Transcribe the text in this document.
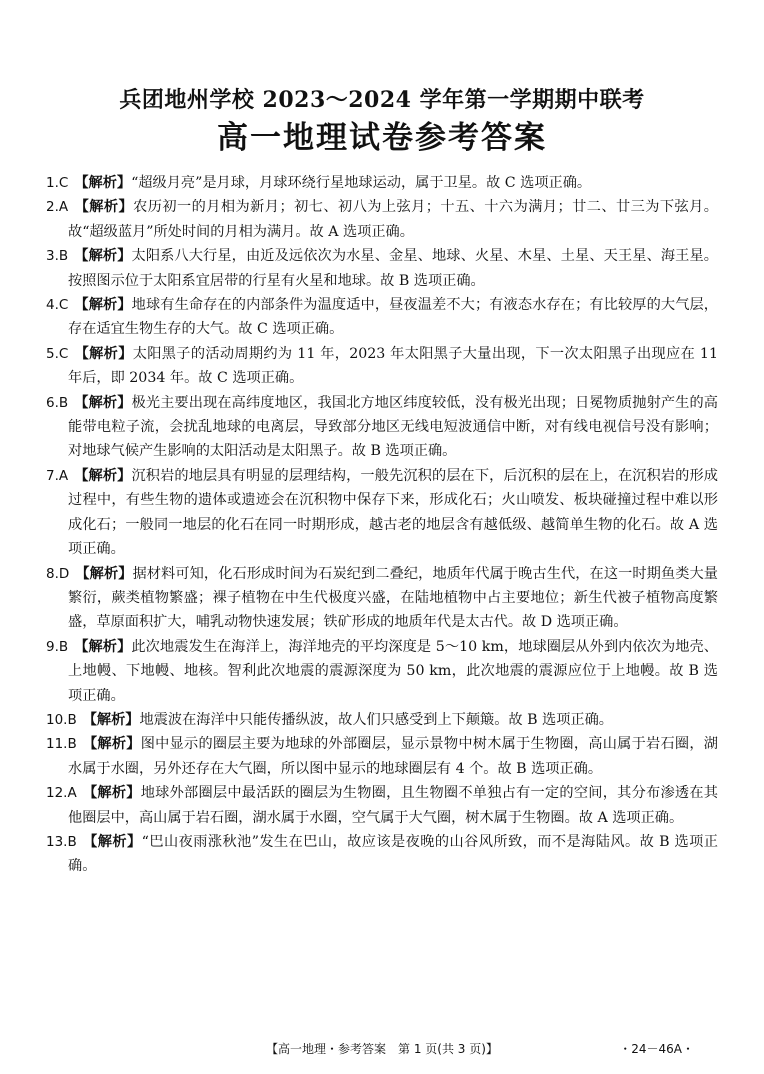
兵团地州学校 2023～2024 学年第一学期期中联考
高一地理试卷参考答案
1.C 【解析】“超级月亮”是月球，月球环绕行星地球运动，属于卫星。故 C 选项正确。
2.A 【解析】农历初一的月相为新月；初七、初八为上弦月；十五、十六为满月；廿二、廿三为下弦月。故“超级蓝月”所处时间的月相为满月。故 A 选项正确。
3.B 【解析】太阳系八大行星，由近及远依次为水星、金星、地球、火星、木星、土星、天王星、海王星。按照图示位于太阳系宜居带的行星有火星和地球。故 B 选项正确。
4.C 【解析】地球有生命存在的内部条件为温度适中，昼夜温差不大；有液态水存在；有比较厚的大气层，存在适宜生物生存的大气。故 C 选项正确。
5.C 【解析】太阳黑子的活动周期约为 11 年，2023 年太阳黑子大量出现，下一次太阳黑子出现应在 11 年后，即 2034 年。故 C 选项正确。
6.B 【解析】极光主要出现在高纬度地区，我国北方地区纬度较低，没有极光出现；日冕物质抛射产生的高能带电粒子流，会扰乱地球的电离层，导致部分地区无线电短波通信中断，对有线电视信号没有影响；对地球气候产生影响的太阳活动是太阳黑子。故 B 选项正确。
7.A 【解析】沉积岩的地层具有明显的层理结构，一般先沉积的层在下，后沉积的层在上，在沉积岩的形成过程中，有些生物的遗体或遗迹会在沉积物中保存下来，形成化石；火山喷发、板块碰撞过程中难以形成化石；一般同一地层的化石在同一时期形成，越古老的地层含有越低级、越简单生物的化石。故 A 选项正确。
8.D 【解析】据材料可知，化石形成时间为石炭纪到二叠纪，地质年代属于晚古生代，在这一时期鱼类大量繁衍，蕨类植物繁盛；裸子植物在中生代极度兴盛，在陆地植物中占主要地位；新生代被子植物高度繁盛，草原面积扩大，哺乳动物快速发展；铁矿形成的地质年代是太古代。故 D 选项正确。
9.B 【解析】此次地震发生在海洋上，海洋地壳的平均深度是 5～10 km，地球圈层从外到内依次为地壳、上地幔、下地幔、地核。智利此次地震的震源深度为 50 km，此次地震的震源应位于上地幔。故 B 选项正确。
10.B 【解析】地震波在海洋中只能传播纵波，故人们只感受到上下颠簸。故 B 选项正确。
11.B 【解析】图中显示的圈层主要为地球的外部圈层，显示景物中树木属于生物圈，高山属于岩石圈，湖水属于水圈，另外还存在大气圈，所以图中显示的地球圈层有 4 个。故 B 选项正确。
12.A 【解析】地球外部圈层中最活跃的圈层为生物圈，且生物圈不单独占有一定的空间，其分布渗透在其他圈层中，高山属于岩石圈，湖水属于水圈，空气属于大气圈，树木属于生物圈。故 A 选项正确。
13.B 【解析】“巴山夜雨涨秋池”发生在巴山，故应该是夜晚的山谷风所致，而不是海陆风。故 B 选项正确。
【高一地理・参考答案　第 1 页(共 3 页)】	・24－46A・
